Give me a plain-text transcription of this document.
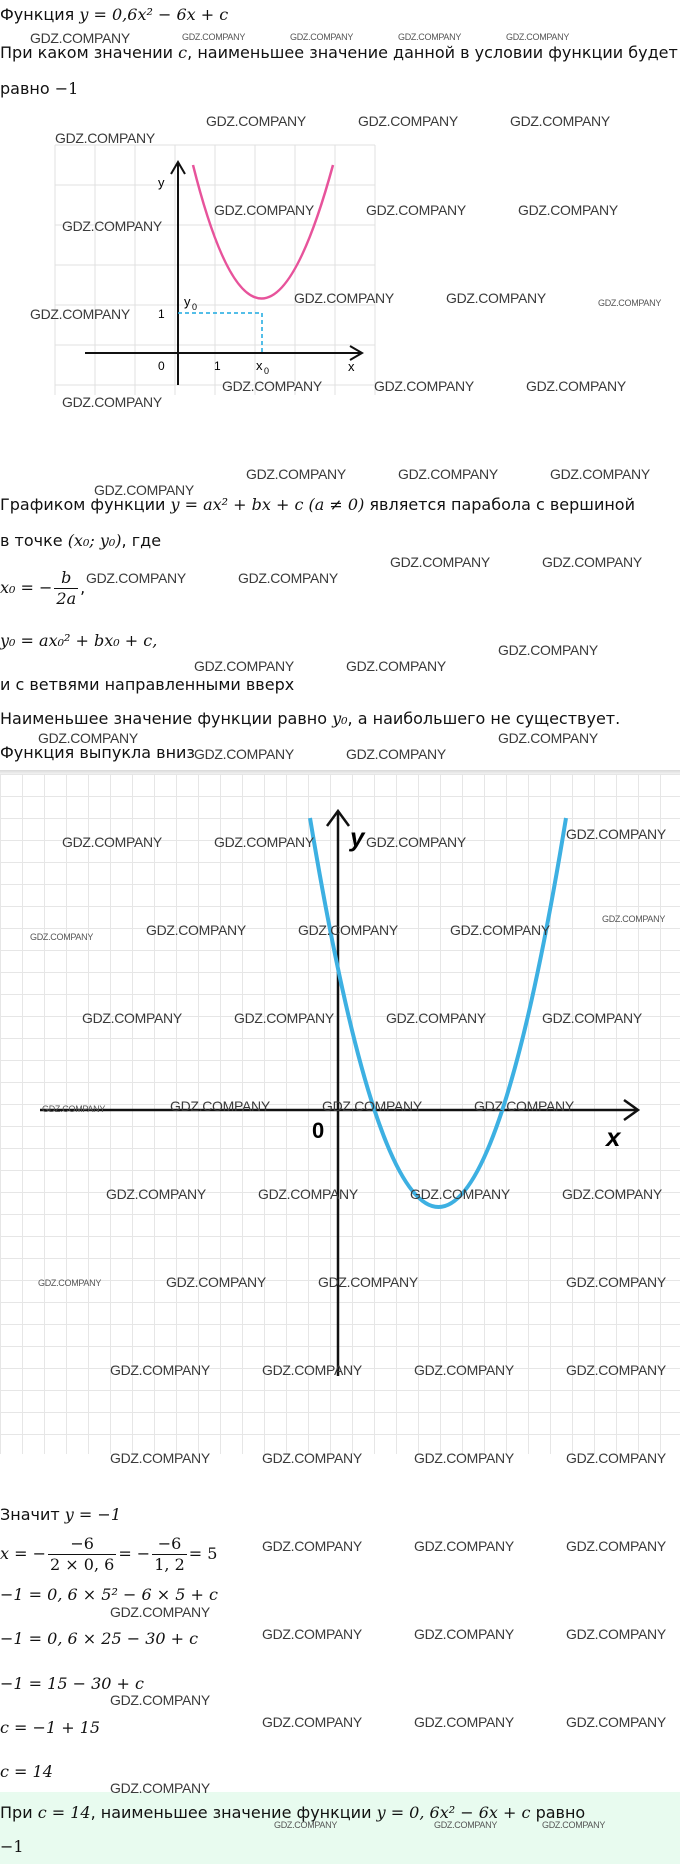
Функция y = 0,6x² − 6x + c
При каком значении c, наименьшее значение данной в условии функции будет
равно −1
y
x
y 0
x 0
1
1
0
Графиком функции y = ax² + bx + c (a ≠ 0) является парабола с вершиной
в точке (x₀; y₀), где
x₀ = − $\frac{b}{2a}$ ,
y₀ = ax₀² + bx₀ + c,
и с ветвями направленными вверх
Наименьшее значение функции равно y₀, а наибольшего не существует.
Функция выпукла вниз
y
x
0
Значит y = −1
x = − $\frac{-6}{2 \times 0, 6}$ = − $\frac{-6}{1, 2} = 5$
−1 = 0, 6 × 5² − 6 × 5 + c
−1 = 0, 6 × 25 − 30 + c
−1 = 15 − 30 + c
c = −1 + 15
c = 14
При c = 14, наименьшее значение функции y = 0, 6x² − 6x + c равно
−1
GDZ.COMPANY	GDZ.COMPANY	GDZ.COMPANY	GDZ.COMPANY	GDZ.COMPANY
GDZ.COMPANY	GDZ.COMPANY	GDZ.COMPANY
GDZ.COMPANY
GDZ.COMPANY
GDZ.COMPANY	GDZ.COMPANY	GDZ.COMPANY
GDZ.COMPANY	GDZ.COMPANY	GDZ.COMPANY
GDZ.COMPANY
GDZ.COMPANY	GDZ.COMPANY	GDZ.COMPANY
GDZ.COMPANY
GDZ.COMPANY	GDZ.COMPANY	GDZ.COMPANY
GDZ.COMPANY
GDZ.COMPANY	GDZ.COMPANY
GDZ.COMPANY	GDZ.COMPANY
GDZ.COMPANY	GDZ.COMPANY
GDZ.COMPANY
GDZ.COMPANY
GDZ.COMPANY	GDZ.COMPANY
GDZ.COMPANY
GDZ.COMPANY	GDZ.COMPANY	GDZ.COMPANY	GDZ.COMPANY
GDZ.COMPANY	GDZ.COMPANY	GDZ.COMPANY	GDZ.COMPANY
GDZ.COMPANY
GDZ.COMPANY	GDZ.COMPANY	GDZ.COMPANY	GDZ.COMPANY
GDZ.COMPANY	GDZ.COMPANY	GDZ.COMPANY	GDZ.COMPANY
GDZ.COMPANY	GDZ.COMPANY	GDZ.COMPANY	GDZ.COMPANY
GDZ.COMPANY	GDZ.COMPANY	GDZ.COMPANY	GDZ.COMPANY
GDZ.COMPANY	GDZ.COMPANY	GDZ.COMPANY	GDZ.COMPANY
GDZ.COMPANY	GDZ.COMPANY	GDZ.COMPANY	GDZ.COMPANY
GDZ.COMPANY	GDZ.COMPANY	GDZ.COMPANY
GDZ.COMPANY
GDZ.COMPANY	GDZ.COMPANY	GDZ.COMPANY
GDZ.COMPANY
GDZ.COMPANY	GDZ.COMPANY	GDZ.COMPANY
GDZ.COMPANY
GDZ.COMPANY	GDZ.COMPANY	GDZ.COMPANY
